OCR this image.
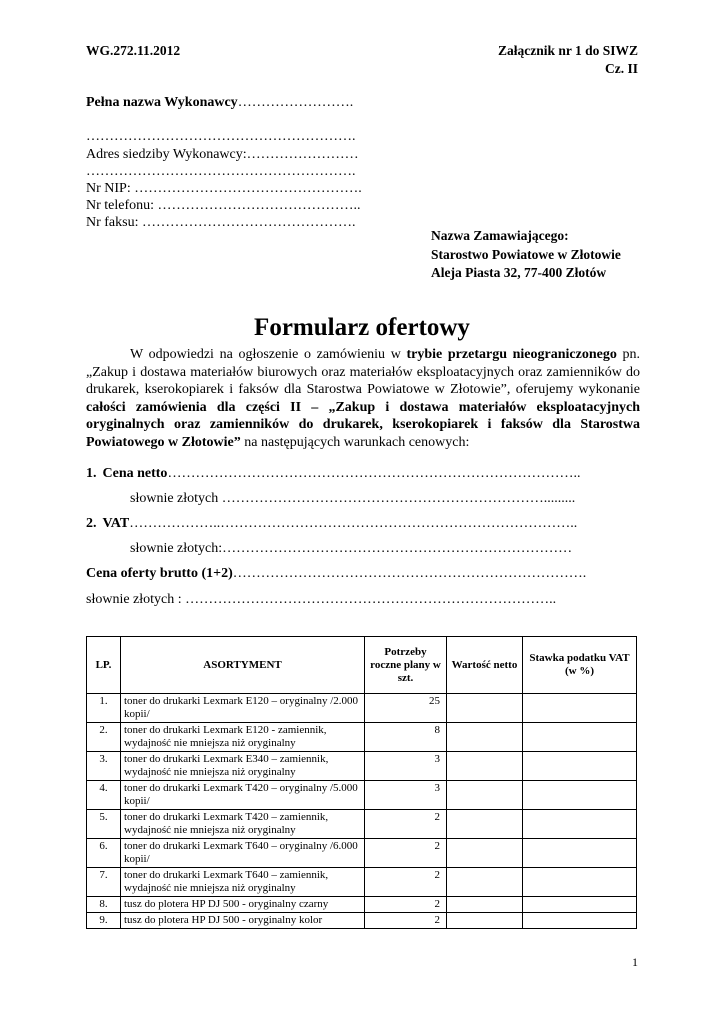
WG.272.11.2012	Załącznik nr 1 do SIWZ
Cz. II
Pełna nazwa Wykonawcy…………………….
………………………………………………….
Adres siedziby Wykonawcy:……………………
………………………………………………….
Nr NIP: ………………………………………….
Nr telefonu: ……………………………………..
Nr faksu: ……………………………………….
Nazwa Zamawiającego:
Starostwo Powiatowe w Złotowie
Aleja Piasta 32, 77-400 Złotów
Formularz ofertowy
W odpowiedzi na ogłoszenie o zamówieniu w trybie przetargu nieograniczonego pn. „Zakup i dostawa materiałów biurowych oraz materiałów eksploatacyjnych oraz zamienników do drukarek, kserokopiarek i faksów dla Starostwa Powiatowe w Złotowie”, oferujemy wykonanie całości zamówienia dla części II – „Zakup i dostawa materiałów eksploatacyjnych oryginalnych oraz zamienników do drukarek, kserokopiarek i faksów dla Starostwa Powiatowego w Złotowie” na następujących warunkach cenowych:
1. Cena netto……………………………………………………………………………..
słownie złotych …………………………………………………………….........
2. VAT………………..…………………………………………………………………..
słownie złotych:…………………………………………………………………
Cena oferty brutto (1+2)………………………………………………………………….
słownie złotych : ……………………………………………………………………..
LP.	ASORTYMENT	Potrzeby roczne plany w szt.	Wartość netto	Stawka podatku VAT (w %)
1.	toner do drukarki Lexmark E120 – oryginalny /2.000 kopii/	25		
2.	toner do drukarki Lexmark E120 - zamiennik, wydajność nie mniejsza niż oryginalny	8		
3.	toner do drukarki Lexmark E340 – zamiennik, wydajność nie mniejsza niż oryginalny	3		
4.	toner do drukarki Lexmark T420 – oryginalny /5.000 kopii/	3		
5.	toner do drukarki Lexmark T420 – zamiennik, wydajność nie mniejsza niż oryginalny	2		
6.	toner do drukarki Lexmark T640 – oryginalny /6.000 kopii/	2		
7.	toner do drukarki Lexmark T640 – zamiennik, wydajność nie mniejsza niż oryginalny	2		
8.	tusz do plotera HP DJ 500 - oryginalny czarny	2		
9.	tusz do plotera HP DJ 500 - oryginalny kolor	2		
1
